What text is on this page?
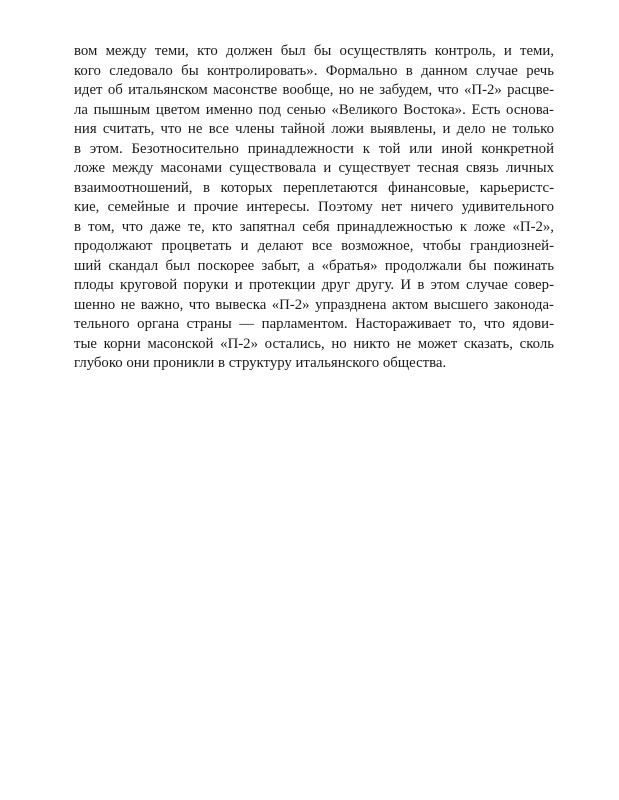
вом между теми, кто должен был бы осуществлять контроль, и теми,
кого следовало бы контролировать». Формально в данном случае речь
идет об итальянском масонстве вообще, но не забудем, что «П-2» расцве-
ла пышным цветом именно под сенью «Великого Востока». Есть основа-
ния считать, что не все члены тайной ложи выявлены, и дело не только
в этом. Безотносительно принадлежности к той или иной конкретной
ложе между масонами существовала и существует тесная связь личных
взаимоотношений, в которых переплетаются финансовые, карьеристс-
кие, семейные и прочие интересы. Поэтому нет ничего удивительного
в том, что даже те, кто запятнал себя принадлежностью к ложе «П-2»,
продолжают процветать и делают все возможное, чтобы грандиозней-
ший скандал был поскорее забыт, а «братья» продолжали бы пожинать
плоды круговой поруки и протекции друг другу. И в этом случае совер-
шенно не важно, что вывеска «П-2» упразднена актом высшего законода-
тельного органа страны — парламентом. Настораживает то, что ядови-
тые корни масонской «П-2» остались, но никто не может сказать, сколь
глубоко они проникли в структуру итальянского общества.
